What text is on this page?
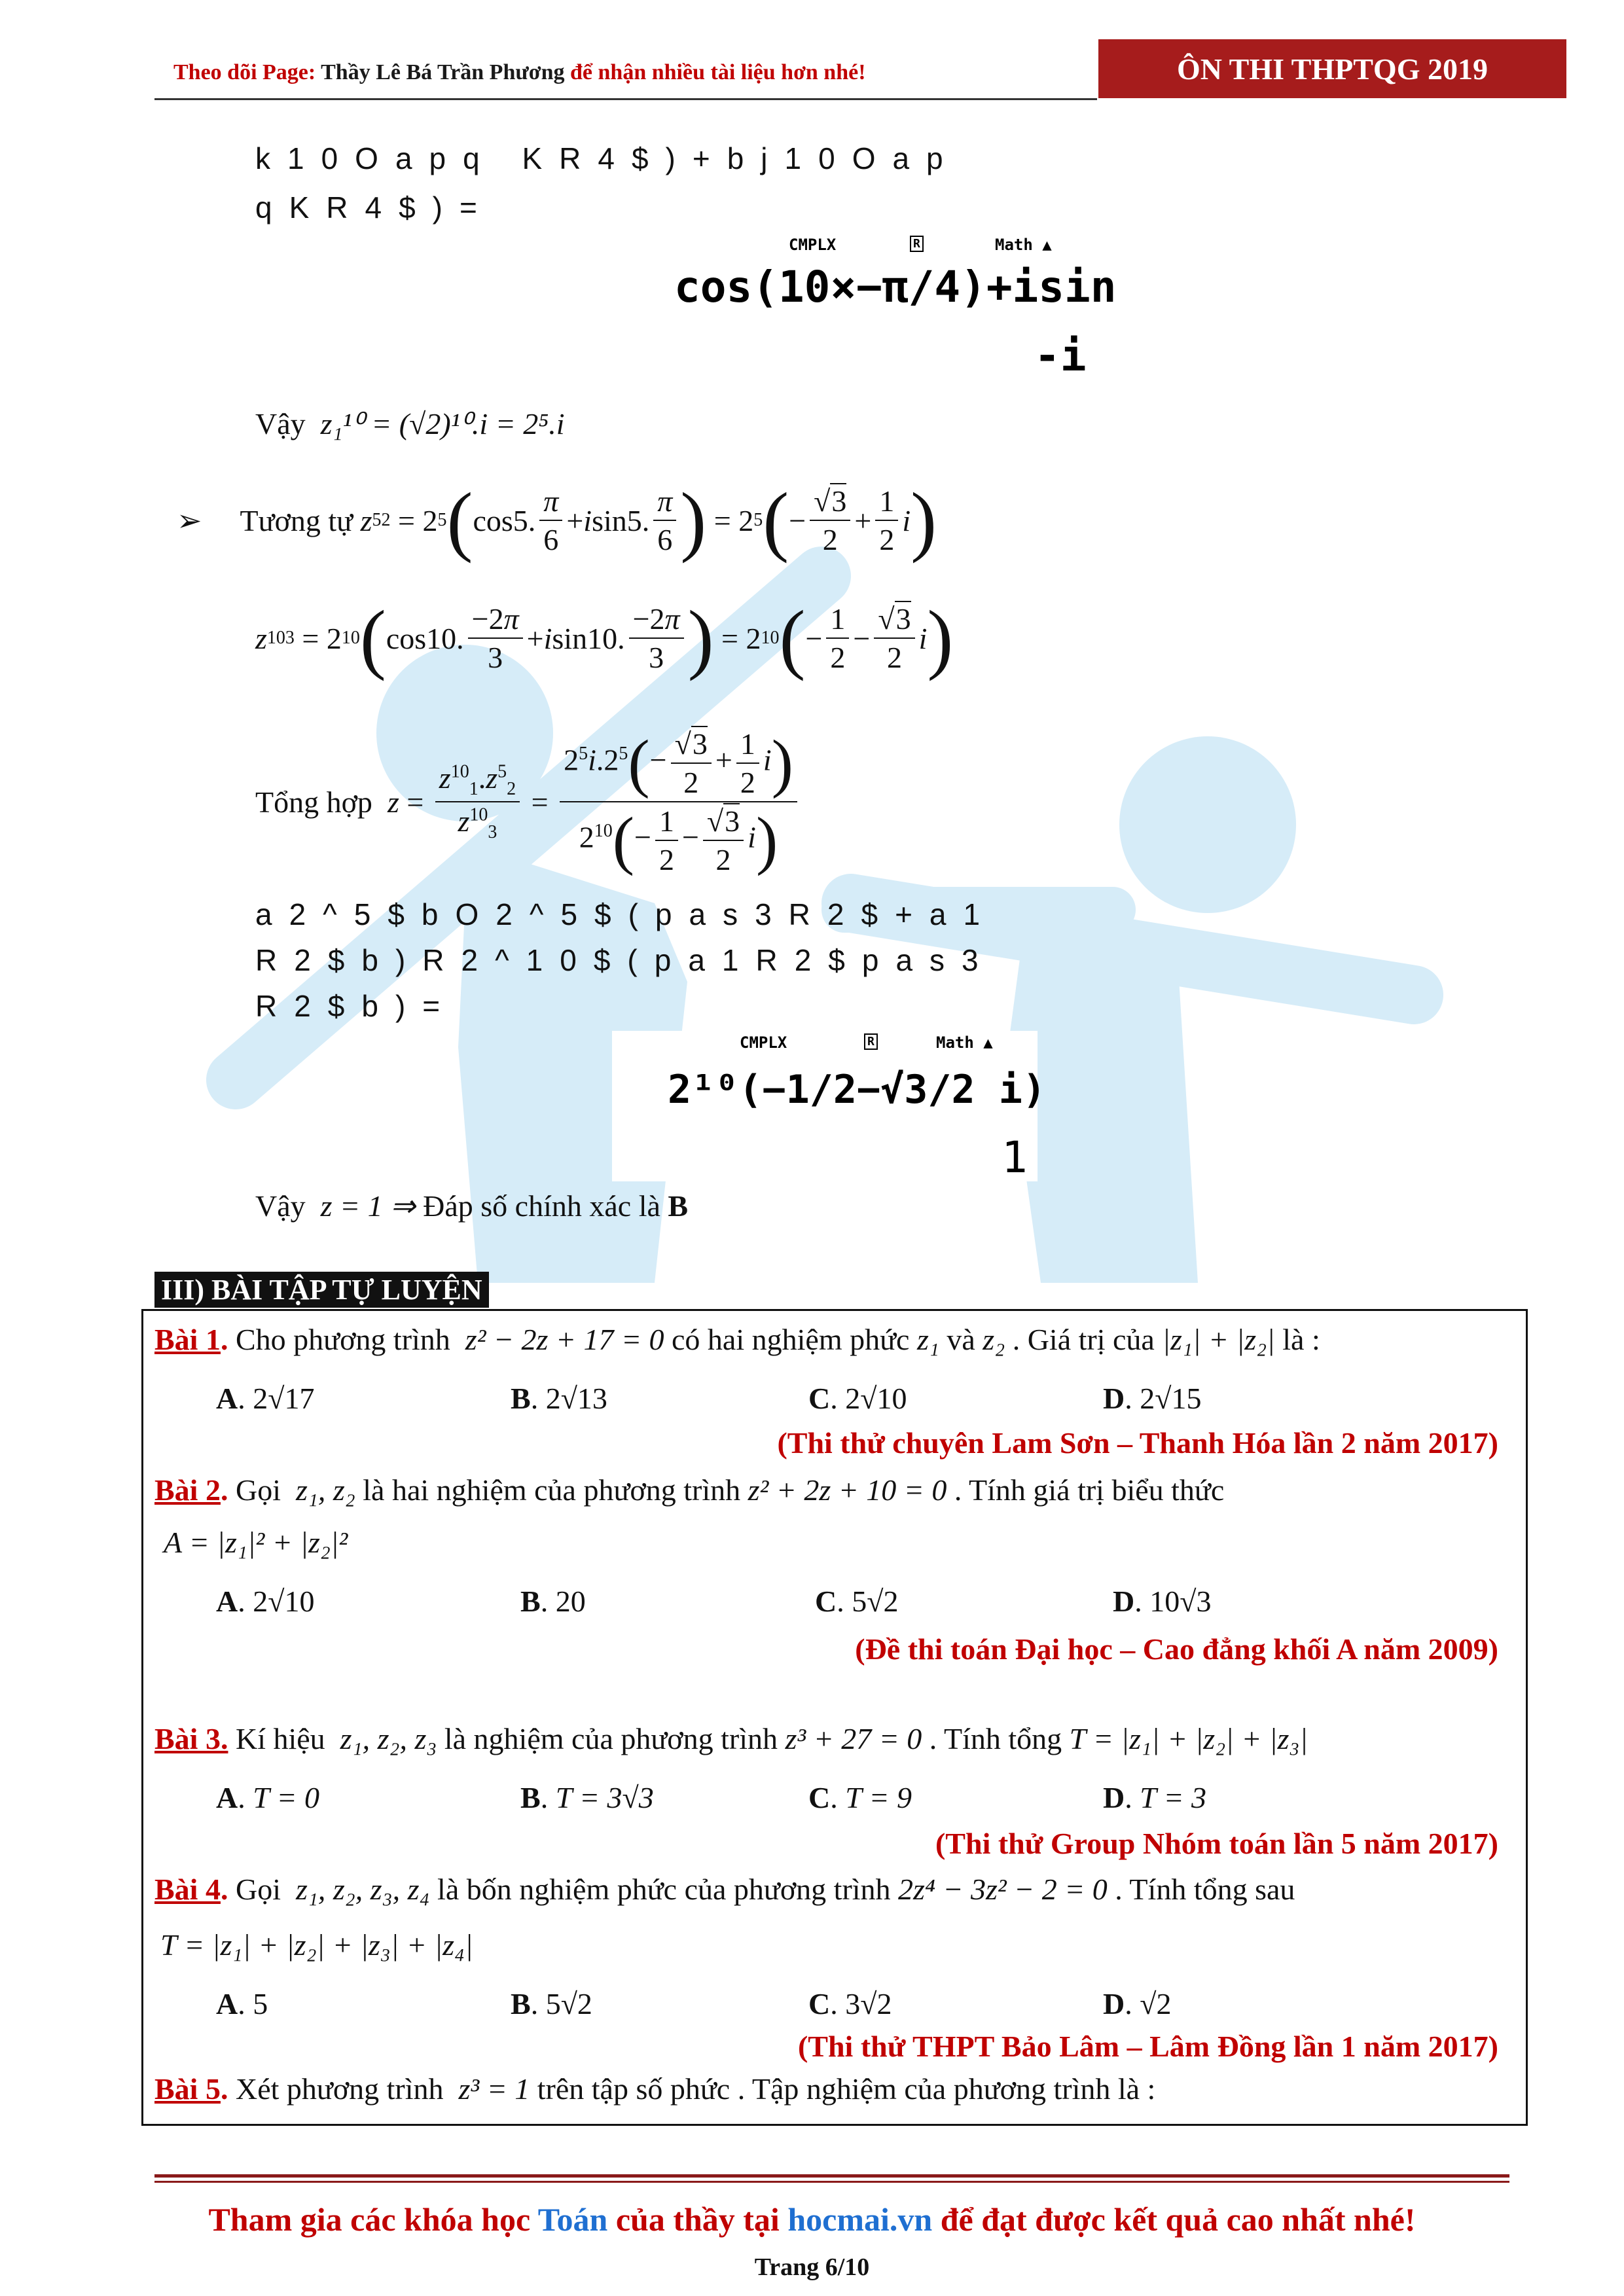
Theo dõi Page: Thầy Lê Bá Trần Phương để nhận nhiều tài liệu hơn nhé!	ÔN THI THPTQG 2019
k10Oapq KR4$)+bj10Oap
qKR4$)=
CMPLX	R	Math ▲
cos(10×−π/4)+isin
-i
Vậy z₁¹⁰ = (√2)¹⁰.i = 2⁵.i
➢ Tương tự
z 5 2 = 2 5 ( cos5. $\frac{\pi}{6} + i$ sin5. $\frac{\pi}{6}$ ) = 2 5 ( − $\frac{√3}{2} + \frac{1}{2}$ i )
z 10 3 = 2 10 ( cos10. $\frac{-2\pi}{3} + i$ sin10. $\frac{-2\pi}{3}$ ) = 2 10 ( − $\frac{1}{2} - \frac{√3}{2}$ i )
Tổng hợp
$z = \frac{z^{10}_1.z^5_2}{z^{10}_3} = \frac{2^5i.2^5(- \frac{√3}{2} + \frac{1}{2} i)}{2^{10}(- \frac{1}{2} - \frac{√3}{2} i)}$
a2^5$bO2^5$(pas3R2$+a1
R2$b)R2^10$(pa1R2$pas3
R2$b)=
CMPLX	R	Math ▲
2¹⁰(−1/2−√3/2 i)
1
Vậy z = 1 ⇒ Đáp số chính xác là B
III) BÀI TẬP TỰ LUYỆN
Bài 1. Cho phương trình  z² − 2z + 17 = 0 có hai nghiệm phức z₁ và z₂ . Giá trị của |z₁| + |z₂| là :
A. 2√17	B. 2√13	C. 2√10	D. 2√15
(Thi thử chuyên Lam Sơn – Thanh Hóa lần 2 năm 2017)
Bài 2. Gọi  z₁, z₂ là hai nghiệm của phương trình z² + 2z + 10 = 0 . Tính giá trị biểu thức
A = |z₁|² + |z₂|²
A. 2√10	B. 20	C. 5√2	D. 10√3
(Đề thi toán Đại học – Cao đẳng khối A năm 2009)
Bài 3. Kí hiệu  z₁, z₂, z₃ là nghiệm của phương trình z³ + 27 = 0 . Tính tổng T = |z₁| + |z₂| + |z₃|
A. T = 0	B. T = 3√3	C. T = 9	D. T = 3
(Thi thử Group Nhóm toán lần 5 năm 2017)
Bài 4. Gọi  z₁, z₂, z₃, z₄ là bốn nghiệm phức của phương trình 2z⁴ − 3z² − 2 = 0 . Tính tổng sau
T = |z₁| + |z₂| + |z₃| + |z₄|
A. 5	B. 5√2	C. 3√2	D. √2
(Thi thử THPT Bảo Lâm – Lâm Đồng lần 1 năm 2017)
Bài 5. Xét phương trình  z³ = 1 trên tập số phức . Tập nghiệm của phương trình là :
Tham gia các khóa học Toán của thầy tại hocmai.vn để đạt được kết quả cao nhất nhé!
Trang 6/10
